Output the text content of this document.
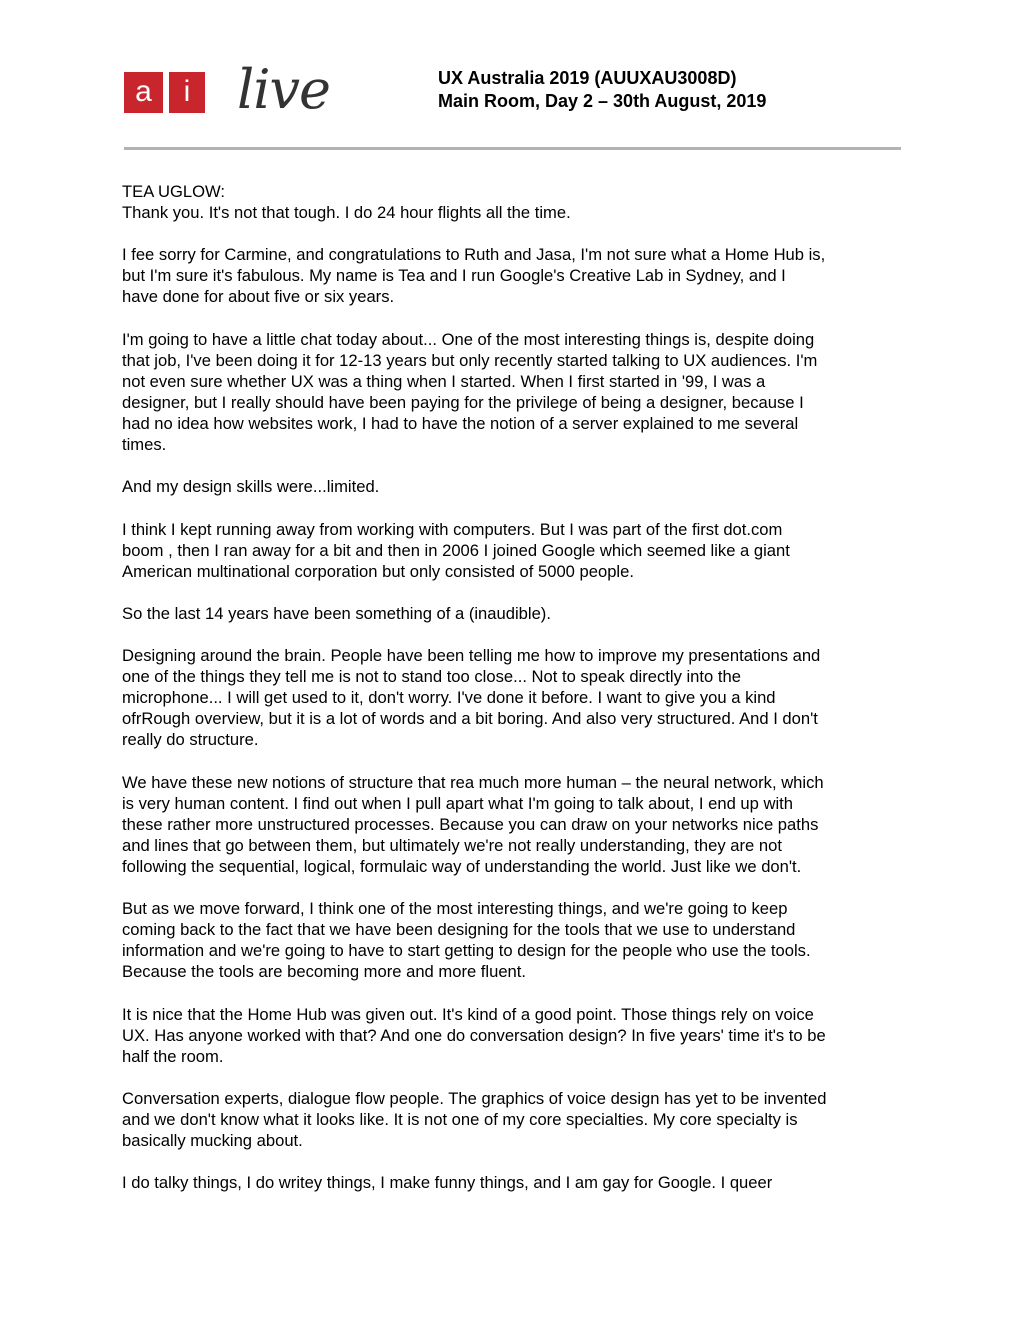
a	i live	UX Australia 2019 (AUUXAU3008D)
Main Room, Day 2 – 30th August, 2019
TEA UGLOW:
Thank you. It's not that tough. I do 24 hour flights all the time.
I fee sorry for Carmine, and congratulations to Ruth and Jasa, I'm not sure what a Home Hub is,
but I'm sure it's fabulous. My name is Tea and I run Google's Creative Lab in Sydney, and I
have done for about five or six years.
I'm going to have a little chat today about... One of the most interesting things is, despite doing
that job, I've been doing it for 12-13 years but only recently started talking to UX audiences. I'm
not even sure whether UX was a thing when I started. When I first started in '99, I was a
designer, but I really should have been paying for the privilege of being a designer, because I
had no idea how websites work, I had to have the notion of a server explained to me several
times.
And my design skills were...limited.
I think I kept running away from working with computers. But I was part of the first dot.com
boom , then I ran away for a bit and then in 2006 I joined Google which seemed like a giant
American multinational corporation but only consisted of 5000 people.
So the last 14 years have been something of a (inaudible).
Designing around the brain. People have been telling me how to improve my presentations and
one of the things they tell me is not to stand too close... Not to speak directly into the
microphone... I will get used to it, don't worry. I've done it before. I want to give you a kind
ofrRough overview, but it is a lot of words and a bit boring. And also very structured. And I don't
really do structure.
We have these new notions of structure that rea much more human – the neural network, which
is very human content. I find out when I pull apart what I'm going to talk about, I end up with
these rather more unstructured processes. Because you can draw on your networks nice paths
and lines that go between them, but ultimately we're not really understanding, they are not
following the sequential, logical, formulaic way of understanding the world. Just like we don't.
But as we move forward, I think one of the most interesting things, and we're going to keep
coming back to the fact that we have been designing for the tools that we use to understand
information and we're going to have to start getting to design for the people who use the tools.
Because the tools are becoming more and more fluent.
It is nice that the Home Hub was given out. It's kind of a good point. Those things rely on voice
UX. Has anyone worked with that? And one do conversation design? In five years' time it's to be
half the room.
Conversation experts, dialogue flow people. The graphics of voice design has yet to be invented
and we don't know what it looks like. It is not one of my core specialties. My core specialty is
basically mucking about.
I do talky things, I do writey things, I make funny things, and I am gay for Google. I queer
